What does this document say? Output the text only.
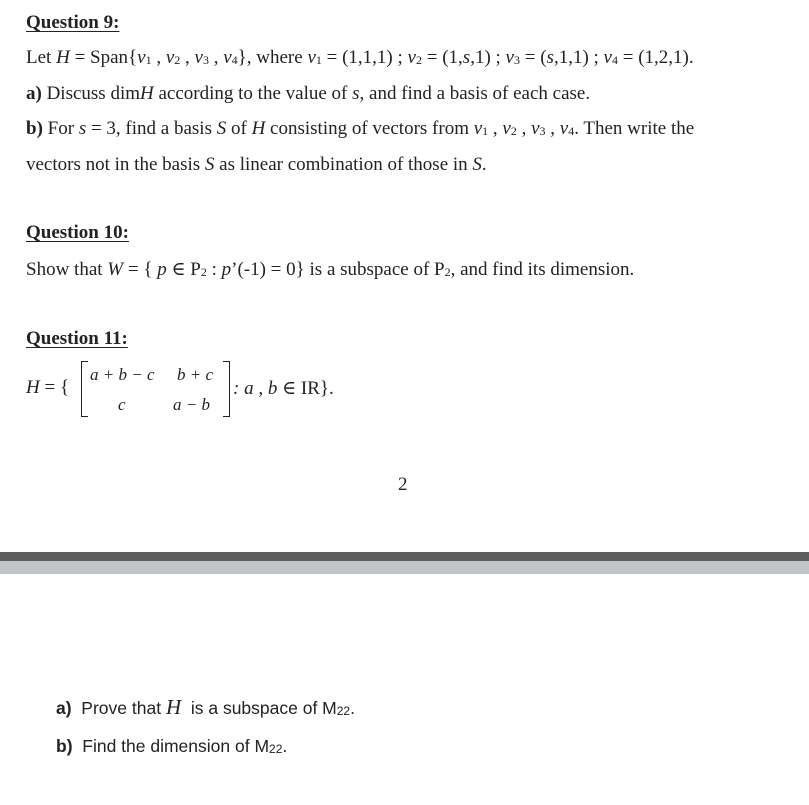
Question 9:
Let $H = Span\{v_1$ , $v_2$ , $v_3$ , $v_4$}, where $v_1 = (1,1,1)$ ; $v_2 = (1,s,1)$ ; $v_3 = (s,1,1)$ ; $v_4 = (1,2,1)$.
a) Discuss dimH according to the value of s, and find a basis of each case.
b) For s = 3, find a basis S of H consisting of vectors from $v_1$ , $v_2$ , $v_3$ , $v_4$. Then write the
vectors not in the basis S as linear combination of those in S.
Question 10:
Show that W = { p ∈ $P_2$ : p’(-1) = 0} is a subspace of $P_2$, and find its dimension.
Question 11:
H = {
a + b − c b + c
c	a − b
: a , b ∈ IR}.
2
a) Prove that H  is a subspace of $M_{22}$.
b) Find the dimension of $M_{22}$.
